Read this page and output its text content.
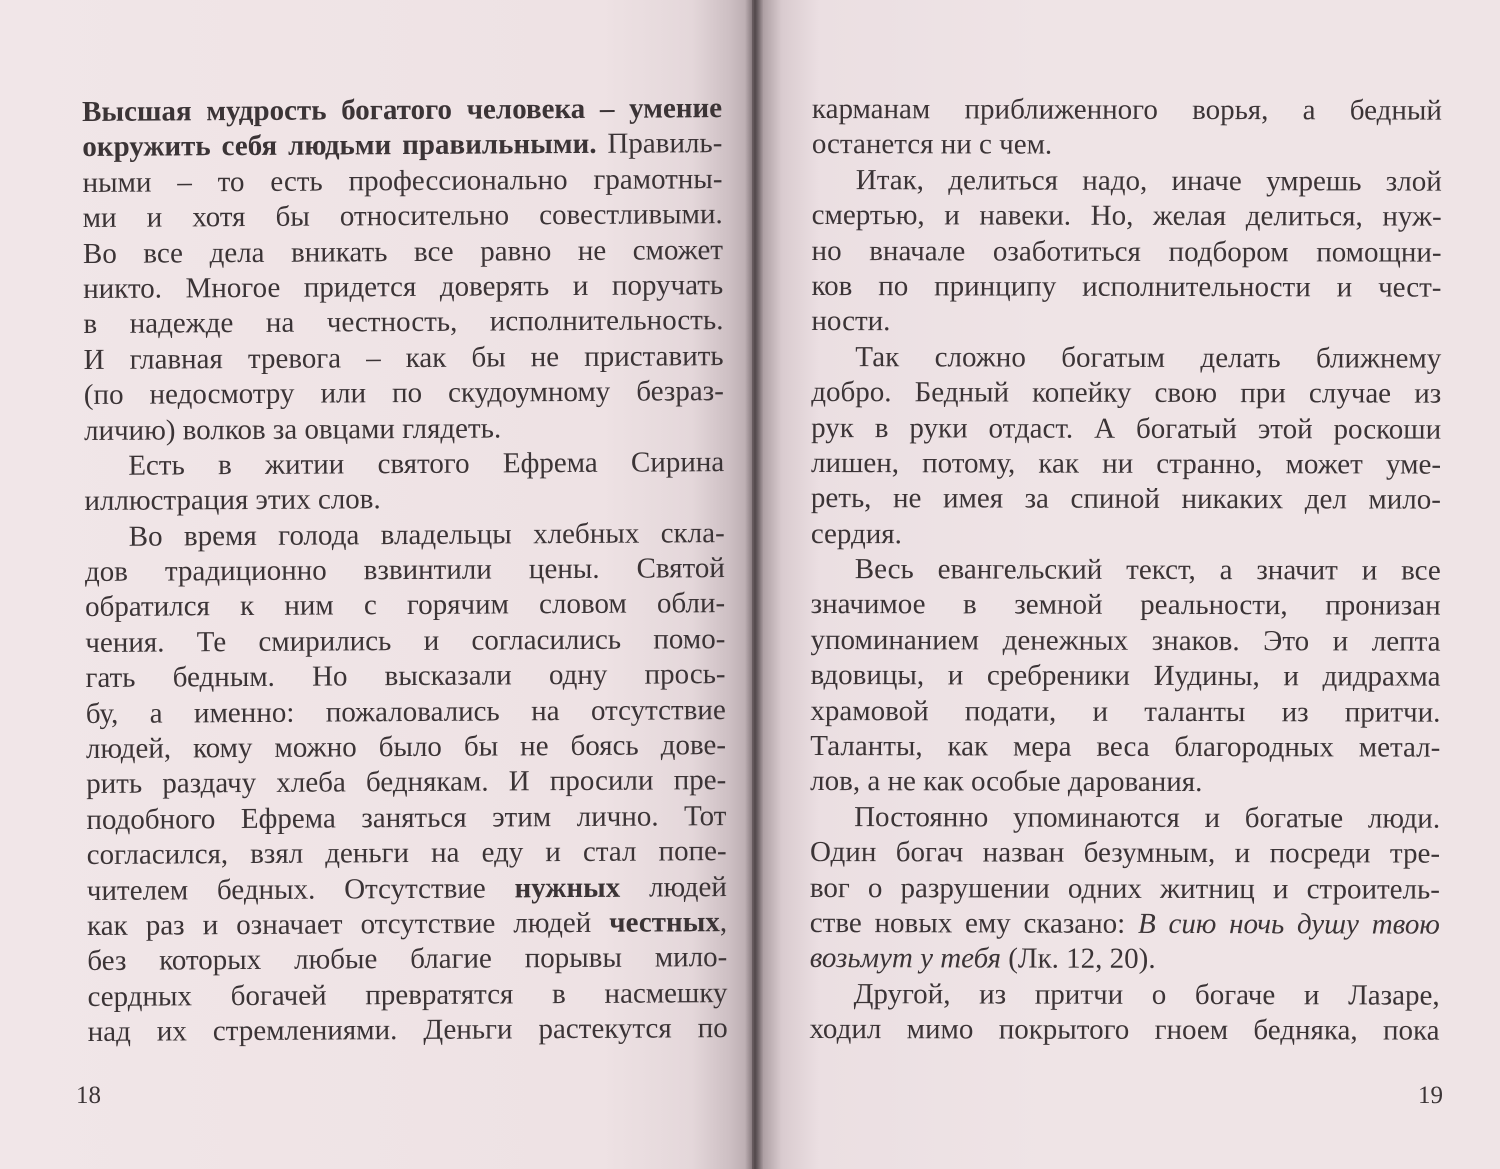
Высшая мудрость богатого человека – умение
окружить себя людьми правильными. Правиль-
ными – то есть профессионально грамотны-
ми и хотя бы относительно совестливыми.
Во все дела вникать все равно не сможет
никто. Многое придется доверять и поручать
в надежде на честность, исполнительность.
И главная тревога – как бы не приставить
(по недосмотру или по скудоумному безраз-
личию) волков за овцами глядеть.
Есть в житии святого Ефрема Сирина
иллюстрация этих слов.
Во время голода владельцы хлебных скла-
дов традиционно взвинтили цены. Святой
обратился к ним с горячим словом обли-
чения. Те смирились и согласились помо-
гать бедным. Но высказали одну прось-
бу, а именно: пожаловались на отсутствие
людей, кому можно было бы не боясь дове-
рить раздачу хлеба беднякам. И просили пре-
подобного Ефрема заняться этим лично. Тот
согласился, взял деньги на еду и стал попе-
чителем бедных. Отсутствие нужных людей
как раз и означает отсутствие людей честных,
без которых любые благие порывы мило-
сердных богачей превратятся в насмешку
над их стремлениями. Деньги растекутся по
18
карманам приближенного ворья, а бедный
останется ни с чем.
Итак, делиться надо, иначе умрешь злой
смертью, и навеки. Но, желая делиться, нуж-
но вначале озаботиться подбором помощни-
ков по принципу исполнительности и чест-
ности.
Так сложно богатым делать ближнему
добро. Бедный копейку свою при случае из
рук в руки отдаст. А богатый этой роскоши
лишен, потому, как ни странно, может уме-
реть, не имея за спиной никаких дел мило-
сердия.
Весь евангельский текст, а значит и все
значимое в земной реальности, пронизан
упоминанием денежных знаков. Это и лепта
вдовицы, и сребреники Иудины, и дидрахма
храмовой подати, и таланты из притчи.
Таланты, как мера веса благородных метал-
лов, а не как особые дарования.
Постоянно упоминаются и богатые люди.
Один богач назван безумным, и посреди тре-
вог о разрушении одних житниц и строитель-
стве новых ему сказано: В сию ночь душу твою
возьмут у тебя (Лк. 12, 20).
Другой, из притчи о богаче и Лазаре,
ходил мимо покрытого гноем бедняка, пока
19
